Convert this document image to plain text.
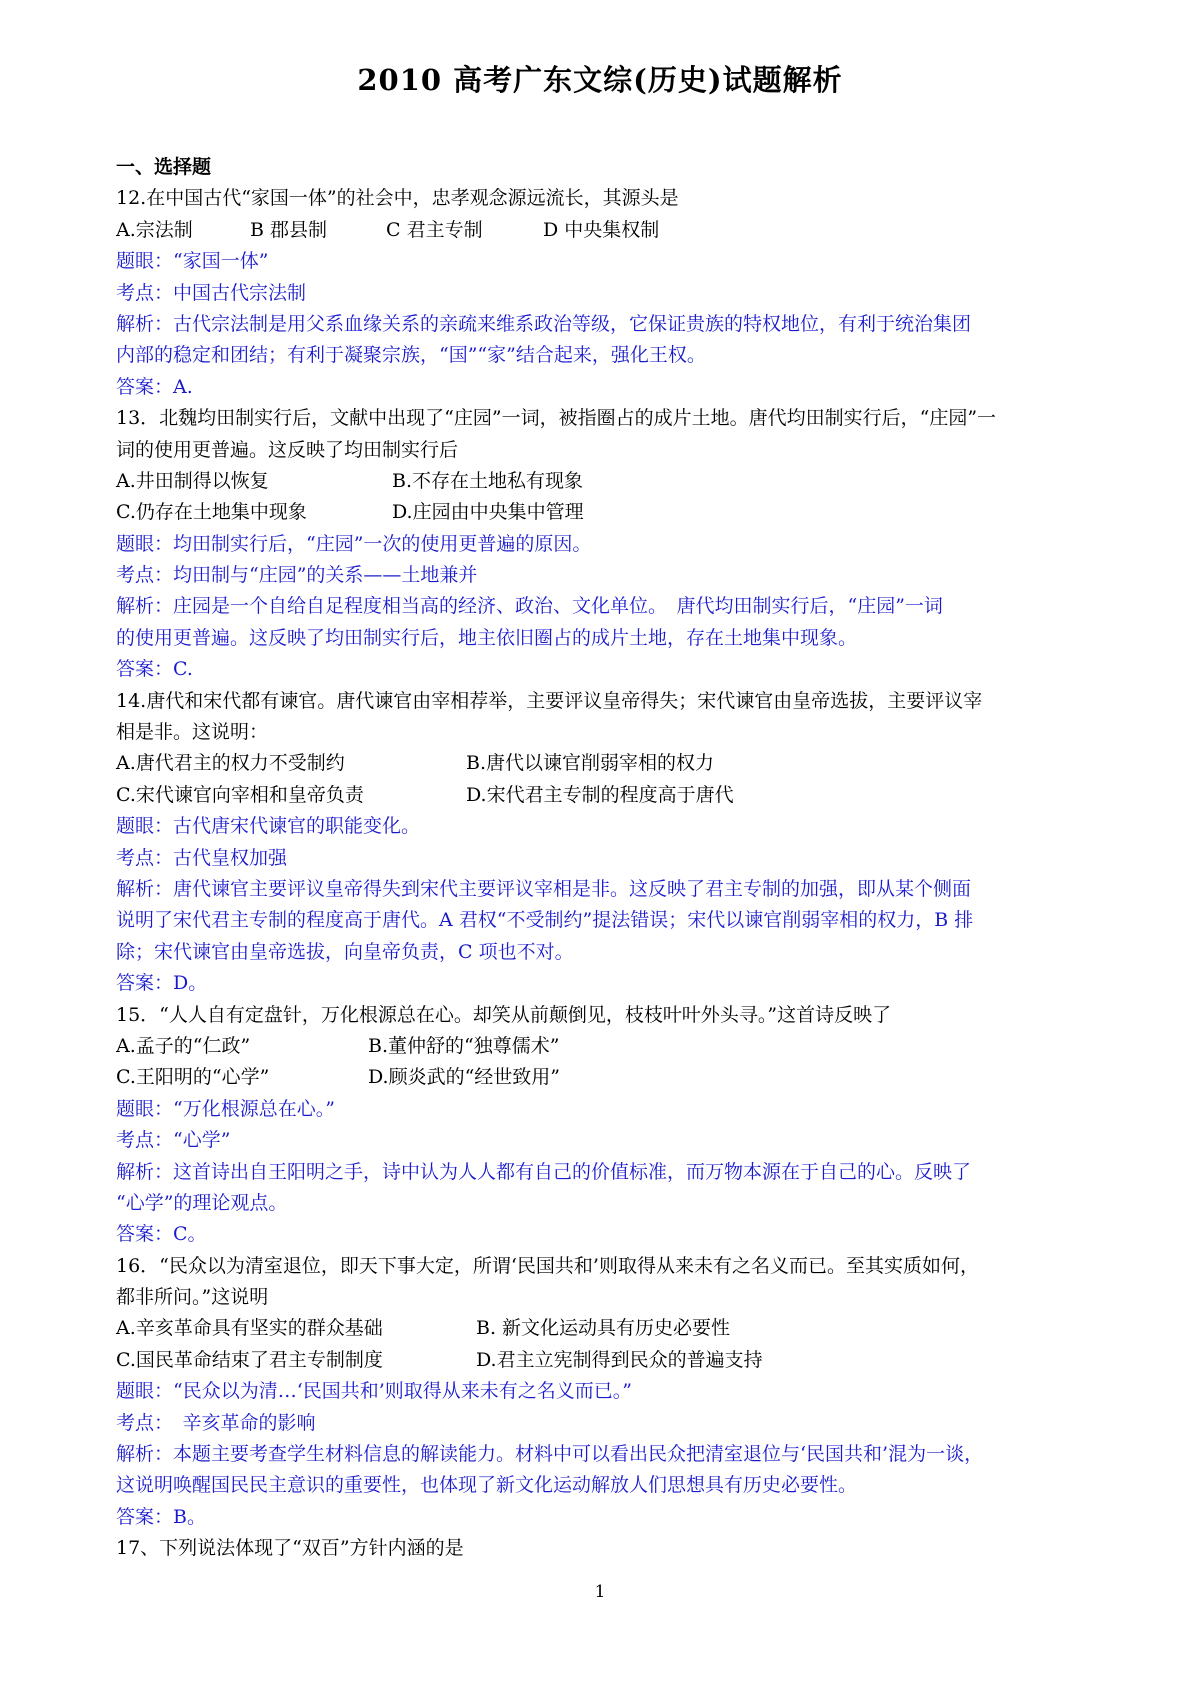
2010 高考广东文综(历史)试题解析
一、选择题
12.在中国古代“家国一体”的社会中，忠孝观念源远流长，其源头是
A.宗法制	B 郡县制	C 君主专制	D 中央集权制
题眼：“家国一体”
考点：中国古代宗法制
解析：古代宗法制是用父系血缘关系的亲疏来维系政治等级，它保证贵族的特权地位，有利于统治集团
内部的稳定和团结；有利于凝聚宗族，“国”“家”结合起来，强化王权。
答案：A.
13．北魏均田制实行后，文献中出现了“庄园”一词，被指圈占的成片土地。唐代均田制实行后，“庄园”一
词的使用更普遍。这反映了均田制实行后
A.井田制得以恢复	B.不存在土地私有现象
C.仍存在土地集中现象	D.庄园由中央集中管理
题眼：均田制实行后，“庄园”一次的使用更普遍的原因。
考点：均田制与“庄园”的关系——土地兼并
解析：庄园是一个自给自足程度相当高的经济、政治、文化单位。　唐代均田制实行后，“庄园”一词
的使用更普遍。这反映了均田制实行后，地主依旧圈占的成片土地，存在土地集中现象。
答案：C.
14.唐代和宋代都有谏官。唐代谏官由宰相荐举，主要评议皇帝得失；宋代谏官由皇帝选拔，主要评议宰
相是非。这说明：
A.唐代君主的权力不受制约	B.唐代以谏官削弱宰相的权力
C.宋代谏官向宰相和皇帝负责	D.宋代君主专制的程度高于唐代
题眼：古代唐宋代谏官的职能变化。
考点：古代皇权加强
解析：唐代谏官主要评议皇帝得失到宋代主要评议宰相是非。这反映了君主专制的加强，即从某个侧面
说明了宋代君主专制的程度高于唐代。A 君权“不受制约”提法错误；宋代以谏官削弱宰相的权力，B 排
除；宋代谏官由皇帝选拔，向皇帝负责，C 项也不对。
答案：D。
15．“人人自有定盘针，万化根源总在心。却笑从前颠倒见，枝枝叶叶外头寻。”这首诗反映了
A.孟子的“仁政”	B.董仲舒的“独尊儒术”
C.王阳明的“心学”	D.顾炎武的“经世致用”
题眼：“万化根源总在心。”
考点：“心学”
解析：这首诗出自王阳明之手，诗中认为人人都有自己的价值标准，而万物本源在于自己的心。反映了
“心学”的理论观点。
答案：C。
16．“民众以为清室退位，即天下事大定，所谓‘民国共和’则取得从来未有之名义而已。至其实质如何，
都非所问。”这说明
A.辛亥革命具有坚实的群众基础	B. 新文化运动具有历史必要性
C.国民革命结束了君主专制制度	D.君主立宪制得到民众的普遍支持
题眼：“民众以为清…‘民国共和’则取得从来未有之名义而已。”
考点：　辛亥革命的影响
解析：本题主要考查学生材料信息的解读能力。材料中可以看出民众把清室退位与‘民国共和’混为一谈，
这说明唤醒国民民主意识的重要性，也体现了新文化运动解放人们思想具有历史必要性。
答案：B。
17、下列说法体现了“双百”方针内涵的是
1
